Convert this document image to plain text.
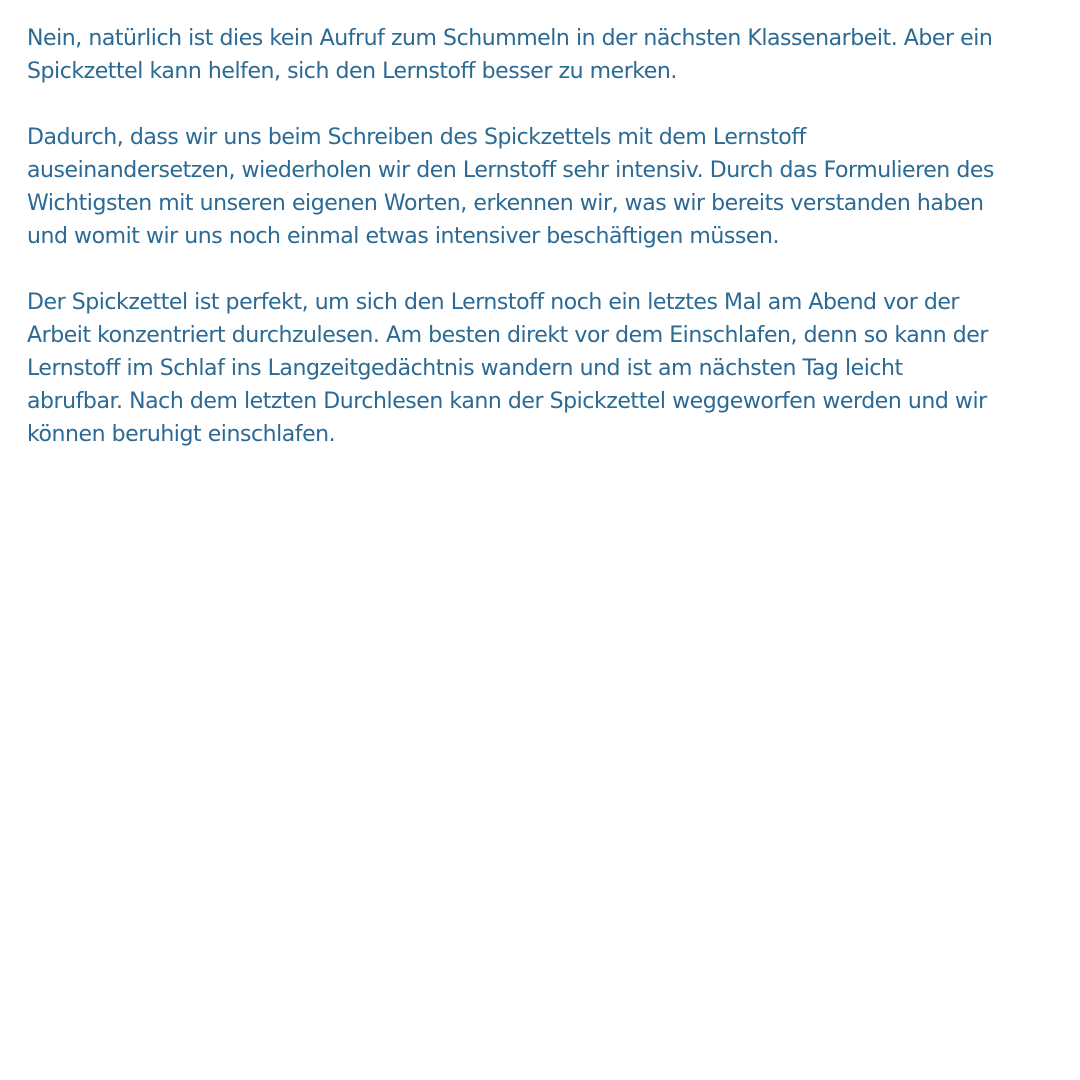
Nein, natürlich ist dies kein Aufruf zum Schummeln in der nächsten Klassenarbeit. Aber ein
Spickzettel kann helfen, sich den Lernstoff besser zu merken.

Dadurch, dass wir uns beim Schreiben des Spickzettels mit dem Lernstoff
auseinandersetzen, wiederholen wir den Lernstoff sehr intensiv. Durch das Formulieren des
Wichtigsten mit unseren eigenen Worten, erkennen wir, was wir bereits verstanden haben
und womit wir uns noch einmal etwas intensiver beschäftigen müssen.

Der Spickzettel ist perfekt, um sich den Lernstoff noch ein letztes Mal am Abend vor der
Arbeit konzentriert durchzulesen. Am besten direkt vor dem Einschlafen, denn so kann der
Lernstoff im Schlaf ins Langzeitgedächtnis wandern und ist am nächsten Tag leicht
abrufbar. Nach dem letzten Durchlesen kann der Spickzettel weggeworfen werden und wir
können beruhigt einschlafen.
